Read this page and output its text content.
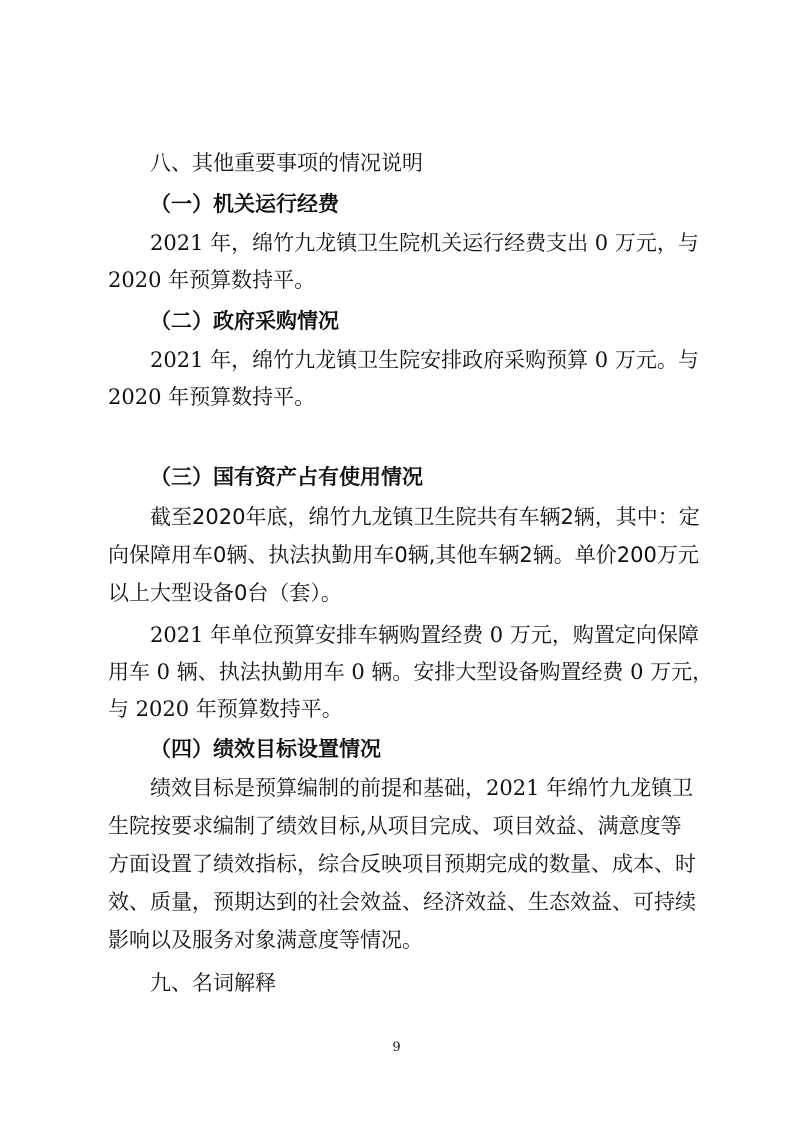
八、其他重要事项的情况说明
（一）机关运行经费
2021 年，绵竹九龙镇卫生院机关运行经费支出 0 万元，与
2020 年预算数持平。
（二）政府采购情况
2021 年，绵竹九龙镇卫生院安排政府采购预算 0 万元。与
2020 年预算数持平。
（三）国有资产占有使用情况
截至2020年底，绵竹九龙镇卫生院共有车辆2辆，其中：定
向保障用车0辆、执法执勤用车0辆,其他车辆2辆。单价200万元
以上大型设备0台（套）。
2021 年单位预算安排车辆购置经费 0 万元，购置定向保障
用车 0 辆、执法执勤用车 0 辆。安排大型设备购置经费 0 万元，
与 2020 年预算数持平。
（四）绩效目标设置情况
绩效目标是预算编制的前提和基础，2021 年绵竹九龙镇卫
生院按要求编制了绩效目标,从项目完成、项目效益、满意度等
方面设置了绩效指标，综合反映项目预期完成的数量、成本、时
效、质量，预期达到的社会效益、经济效益、生态效益、可持续
影响以及服务对象满意度等情况。
九、名词解释
9
